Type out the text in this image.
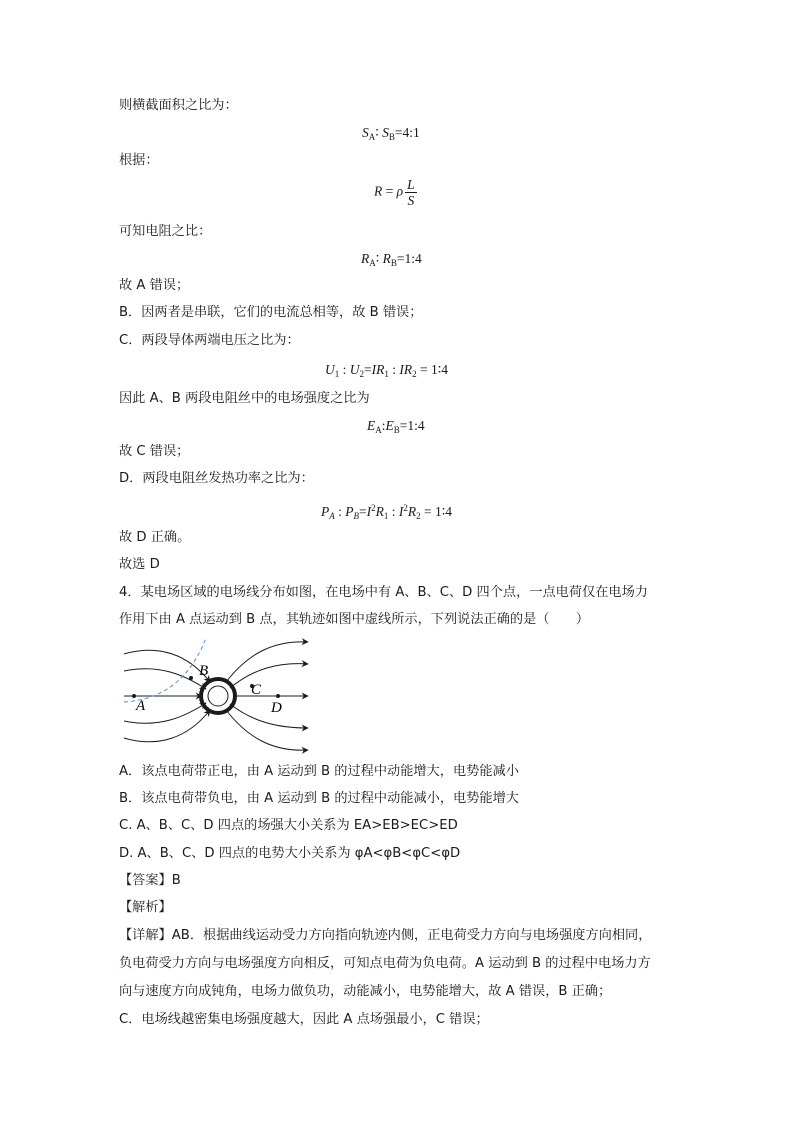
则横截面积之比为：
$S_A∶$ $S_B=4:1$
根据：
R = ρ $\frac{L}{S}$
可知电阻之比：
$R_A∶$ $R_B=1:4$
故 A 错误；
B．因两者是串联，它们的电流总相等，故 B 错误；
C．两段导体两端电压之比为：
$U_1$ : $U_2=IR_1$ : $IR_2$ = 1∶4
因此 A、B 两段电阻丝中的电场强度之比为
$E_A:E_B=1:4$
故 C 错误；
D．两段电阻丝发热功率之比为：
$P_A$ : $P_B=I^2R_1$ : $I^2R_2$ = 1∶4
故 D 正确。
故选 D
4．某电场区域的电场线分布如图，在电场中有 A、B、C、D 四个点，一点电荷仅在电场力
作用下由 A 点运动到 B 点，其轨迹如图中虚线所示，下列说法正确的是（　　）
A
B
C
D
A．该点电荷带正电，由 A 运动到 B 的过程中动能增大，电势能减小
B．该点电荷带负电，由 A 运动到 B 的过程中动能减小，电势能增大
C. A、B、C、D 四点的场强大小关系为 EA>EB>EC>ED
D. A、B、C、D 四点的电势大小关系为 φA<φB<φC<φD
【答案】B
【解析】
【详解】AB．根据曲线运动受力方向指向轨迹内侧，正电荷受力方向与电场强度方向相同，
负电荷受力方向与电场强度方向相反，可知点电荷为负电荷。A 运动到 B 的过程中电场力方
向与速度方向成钝角，电场力做负功，动能减小，电势能增大，故 A 错误，B 正确；
C．电场线越密集电场强度越大，因此 A 点场强最小，C 错误；
